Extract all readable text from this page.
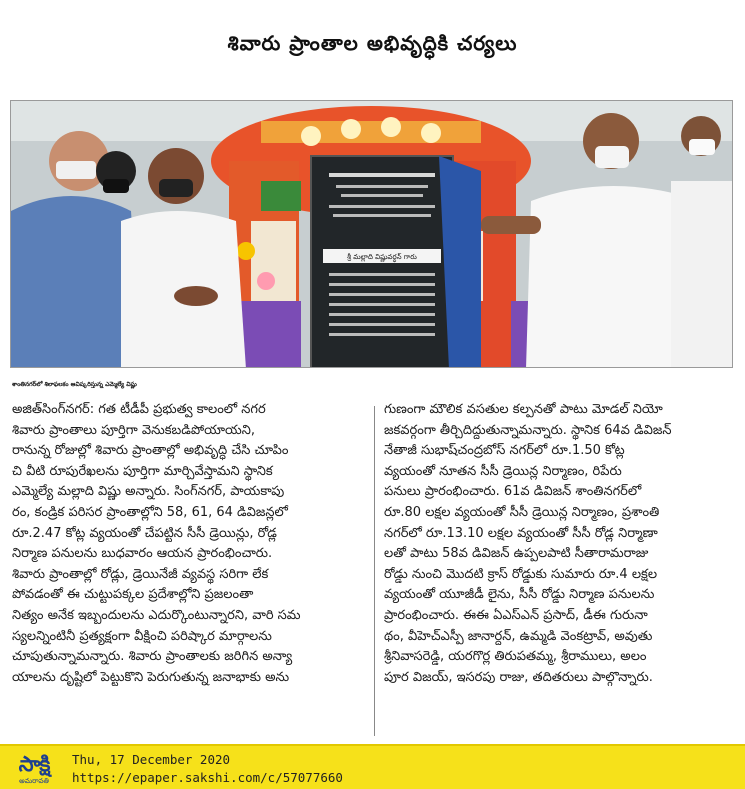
శివారు ప్రాంతాల అభివృద్ధికి చర్యలు
శ్రీ మల్లాది విష్ణువర్ధన్ గారు
శాంతినగర్‌లో శిలాఫలకం ఆవిష్కరిస్తున్న ఎమ్మెల్యే విష్ణు
అజిత్‌సింగ్‌నగర్: గత టీడీపీ ప్రభుత్వ కాలంలో నగర
శివారు ప్రాంతాలు పూర్తిగా వెనుకబడిపోయాయని,
రానున్న రోజుల్లో శివారు ప్రాంతాల్లో అభివృద్ధి చేసి చూపిం
చి వీటి రూపురేఖలను పూర్తిగా మార్చివేస్తామని స్థానిక
ఎమ్మెల్యే మల్లాది విష్ణు అన్నారు. సింగ్‌నగర్, పాయకాపు
రం, కండ్రిక పరిసర ప్రాంతాల్లోని 58, 61, 64 డివిజన్లలో
రూ.2.47 కోట్ల వ్యయంతో చేపట్టిన సీసీ డ్రెయిన్లు, రోడ్ల
నిర్మాణ పనులను బుధవారం ఆయన ప్రారంభించారు.
శివారు ప్రాంతాల్లో రోడ్లు, డ్రెయినేజీ వ్యవస్థ సరిగా లేక
పోవడంతో ఈ చుట్టుపక్కల ప్రదేశాల్లోని ప్రజలంతా
నిత్యం అనేక ఇబ్బందులను ఎదుర్కొంటున్నారని, వారి సమ
స్యలన్నింటినీ ప్రత్యక్షంగా వీక్షించి పరిష్కార మార్గాలను
చూపుతున్నామన్నారు. శివారు ప్రాంతాలకు జరిగిన అన్యా
యాలను దృష్టిలో పెట్టుకొని పెరుగుతున్న జనాభాకు అను
గుణంగా మౌలిక వసతుల కల్పనతో పాటు మోడల్ నియో
జకవర్గంగా తీర్చిదిద్దుతున్నామన్నారు. స్థానిక 64వ డివిజన్
నేతాజీ సుభాష్‌చంద్రబోస్ నగర్‌లో రూ.1.50 కోట్ల
వ్యయంతో నూతన సీసీ డ్రెయిన్ల నిర్మాణం, రిపేరు
పనులు ప్రారంభించారు. 61వ డివిజన్ శాంతినగర్‌లో
రూ.80 లక్షల వ్యయంతో సీసీ డ్రెయిన్ల నిర్మాణం, ప్రశాంతి
నగర్‌లో రూ.13.10 లక్షల వ్యయంతో సీసీ రోడ్ల నిర్మాణా
లతో పాటు 58వ డివిజన్ ఉప్పలపాటి సీతారామరాజు
రోడ్డు నుంచి మొదటి క్రాస్ రోడ్డుకు సుమారు రూ.4 లక్షల
వ్యయంతో యూజీడీ లైను, సీసీ రోడ్డు నిర్మాణ పనులను
ప్రారంభించారు. ఈఈ ఏఎస్ఎన్ ప్రసాద్, డీఈ గురునా
థం, వీహెచ్ఎస్పీ జానార్దన్, ఉమ్మడి వెంకట్రావ్, అవుతు
శ్రీనివాసరెడ్డి, యరగొర్ల తిరుపతమ్మ, శ్రీరాములు, అలం
పూర విజయ్, ఇసరపు రాజు, తదితరులు పాల్గొన్నారు.
సాక్షి
అమరావతి
Thu, 17 December 2020
https://epaper.sakshi.com/c/57077660
